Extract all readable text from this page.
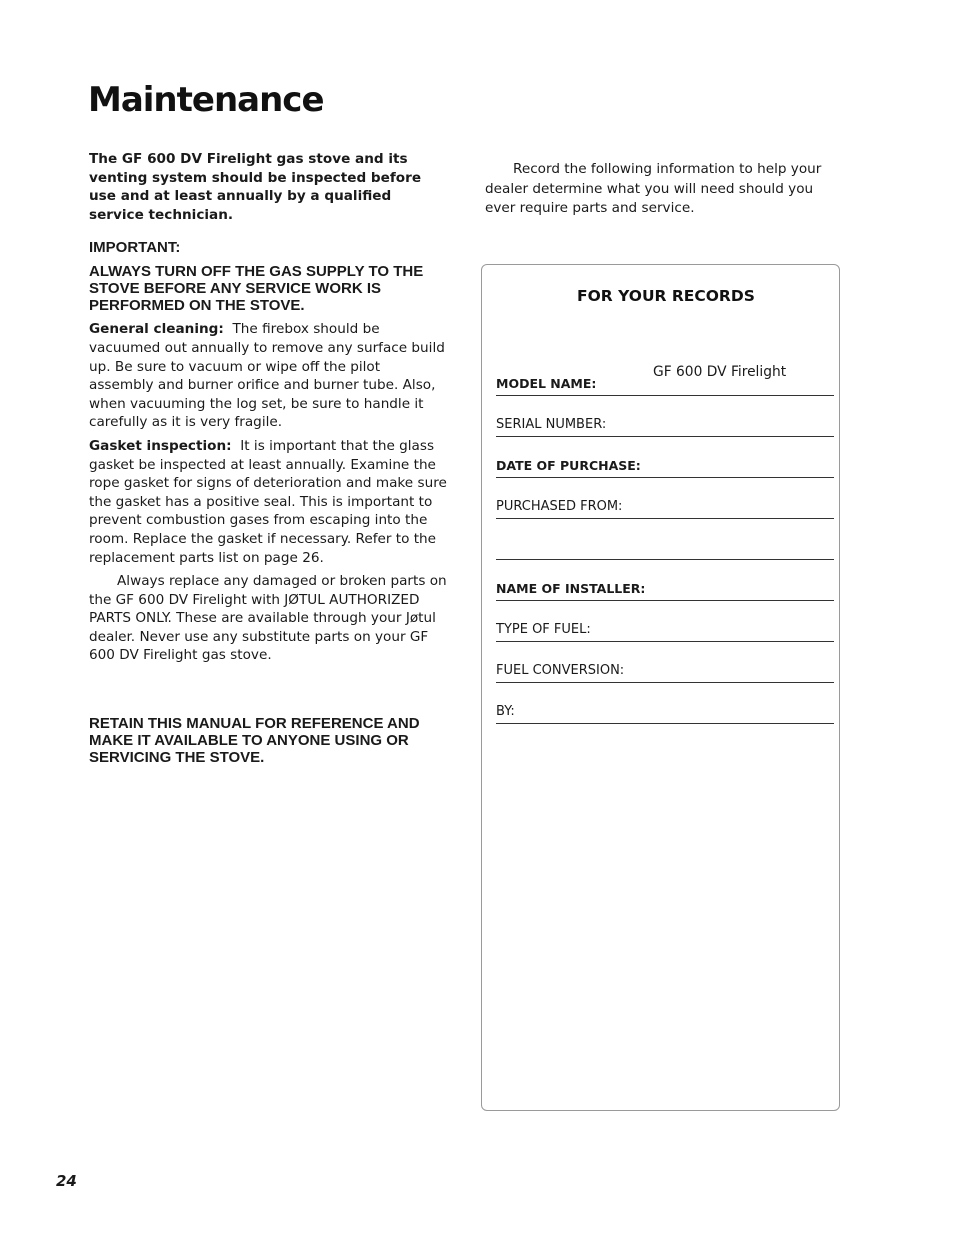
Maintenance

The GF 600 DV Firelight gas stove and its venting system should be inspected before use and at least annually by a qualified service technician.

IMPORTANT:

ALWAYS TURN OFF THE GAS SUPPLY TO THE STOVE BEFORE ANY SERVICE WORK IS PERFORMED ON THE STOVE.

General cleaning: The firebox should be vacuumed out annually to remove any surface build up. Be sure to vacuum or wipe off the pilot assembly and burner orifice and burner tube. Also, when vacuuming the log set, be sure to handle it carefully as it is very fragile.

Gasket inspection: It is important that the glass gasket be inspected at least annually. Examine the rope gasket for signs of deterioration and make sure the gasket has a positive seal. This is important to prevent combustion gases from escaping into the room. Replace the gasket if necessary. Refer to the replacement parts list on page 26.

Always replace any damaged or broken parts on the GF 600 DV Firelight with JØTUL AUTHORIZED PARTS ONLY. These are available through your Jøtul dealer. Never use any substitute parts on your GF 600 DV Firelight gas stove.

RETAIN THIS MANUAL FOR REFERENCE AND MAKE IT AVAILABLE TO ANYONE USING OR SERVICING THE STOVE.

Record the following information to help your dealer determine what you will need should you ever require parts and service.

FOR YOUR RECORDS
MODEL NAME:
GF 600 DV Firelight
SERIAL NUMBER:
DATE OF PURCHASE:
PURCHASED FROM:
NAME OF INSTALLER:
TYPE OF FUEL:
FUEL CONVERSION:
BY:
24
